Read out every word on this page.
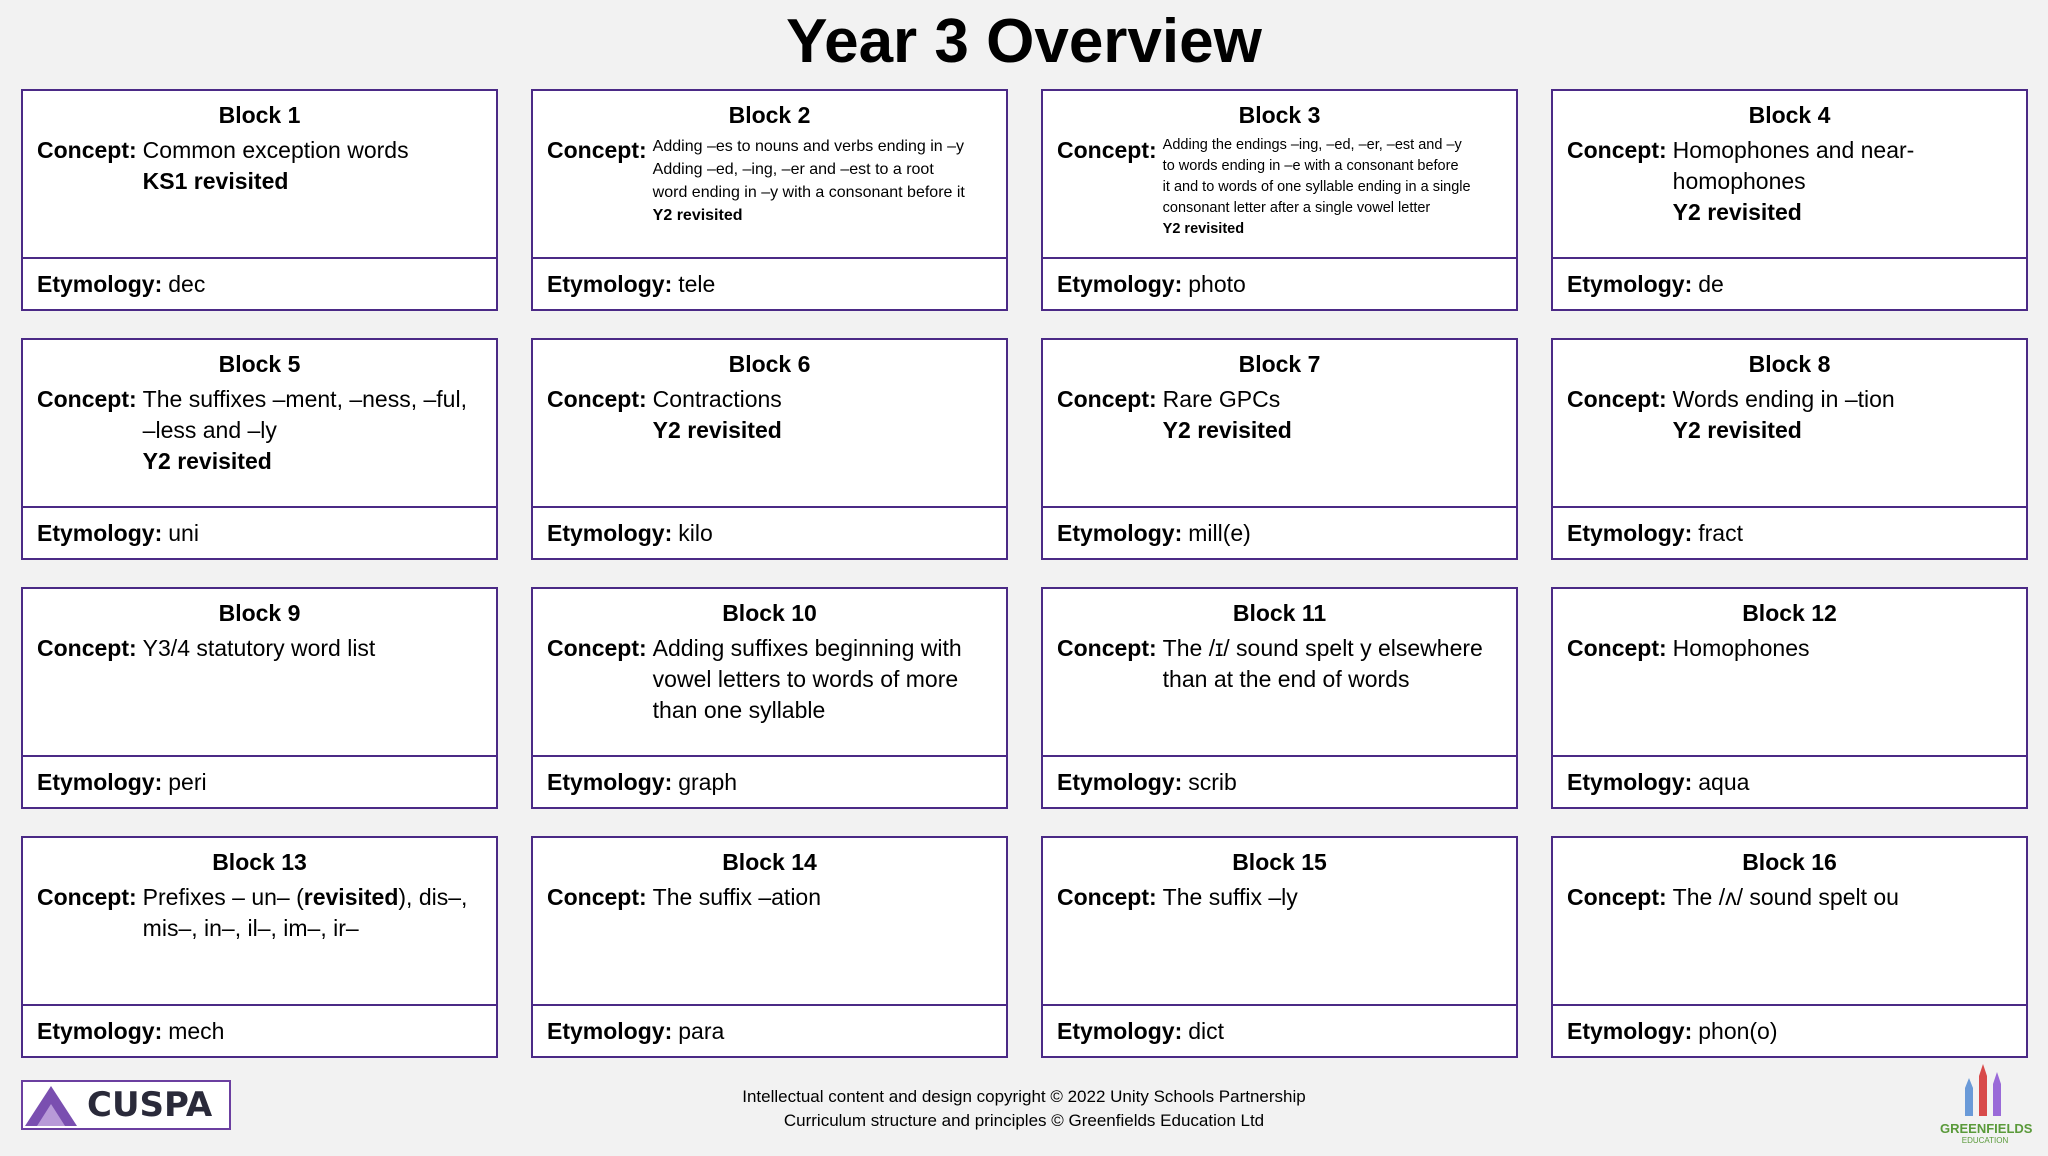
Year 3 Overview
Block 1
Concept: Common exception words
KS1 revisited
Etymology: dec
Block 2
Concept: Adding –es to nouns and verbs ending in –y
Adding –ed, –ing, –er and –est to a root
word ending in –y with a consonant before it
Y2 revisited
Etymology: tele
Block 3
Concept: Adding the endings –ing, –ed, –er, –est and –y
to words ending in –e with a consonant before
it and to words of one syllable ending in a single
consonant letter after a single vowel letter
Y2 revisited
Etymology: photo
Block 4
Concept: Homophones and near-homophones
Y2 revisited
Etymology: de
Block 5
Concept: The suffixes –ment, –ness, –ful,
–less and –ly
Y2 revisited
Etymology: uni
Block 6
Concept: Contractions
Y2 revisited
Etymology: kilo
Block 7
Concept: Rare GPCs
Y2 revisited
Etymology: mill(e)
Block 8
Concept: Words ending in –tion
Y2 revisited
Etymology: fract
Block 9
Concept: Y3/4 statutory word list
Etymology: peri
Block 10
Concept: Adding suffixes beginning with
vowel letters to words of more
than one syllable
Etymology: graph
Block 11
Concept: The /ɪ/ sound spelt y elsewhere
than at the end of words
Etymology: scrib
Block 12
Concept: Homophones
Etymology: aqua
Block 13
Concept: Prefixes – un– (revisited), dis–,
mis–, in–, il–, im–, ir–
Etymology: mech
Block 14
Concept: The suffix –ation
Etymology: para
Block 15
Concept: The suffix –ly
Etymology: dict
Block 16
Concept: The /ʌ/ sound spelt ou
Etymology: phon(o)
CUSPA	Intellectual content and design copyright © 2022 Unity Schools Partnership
Curriculum structure and principles © Greenfields Education Ltd	GREENFIELDS
EDUCATION
